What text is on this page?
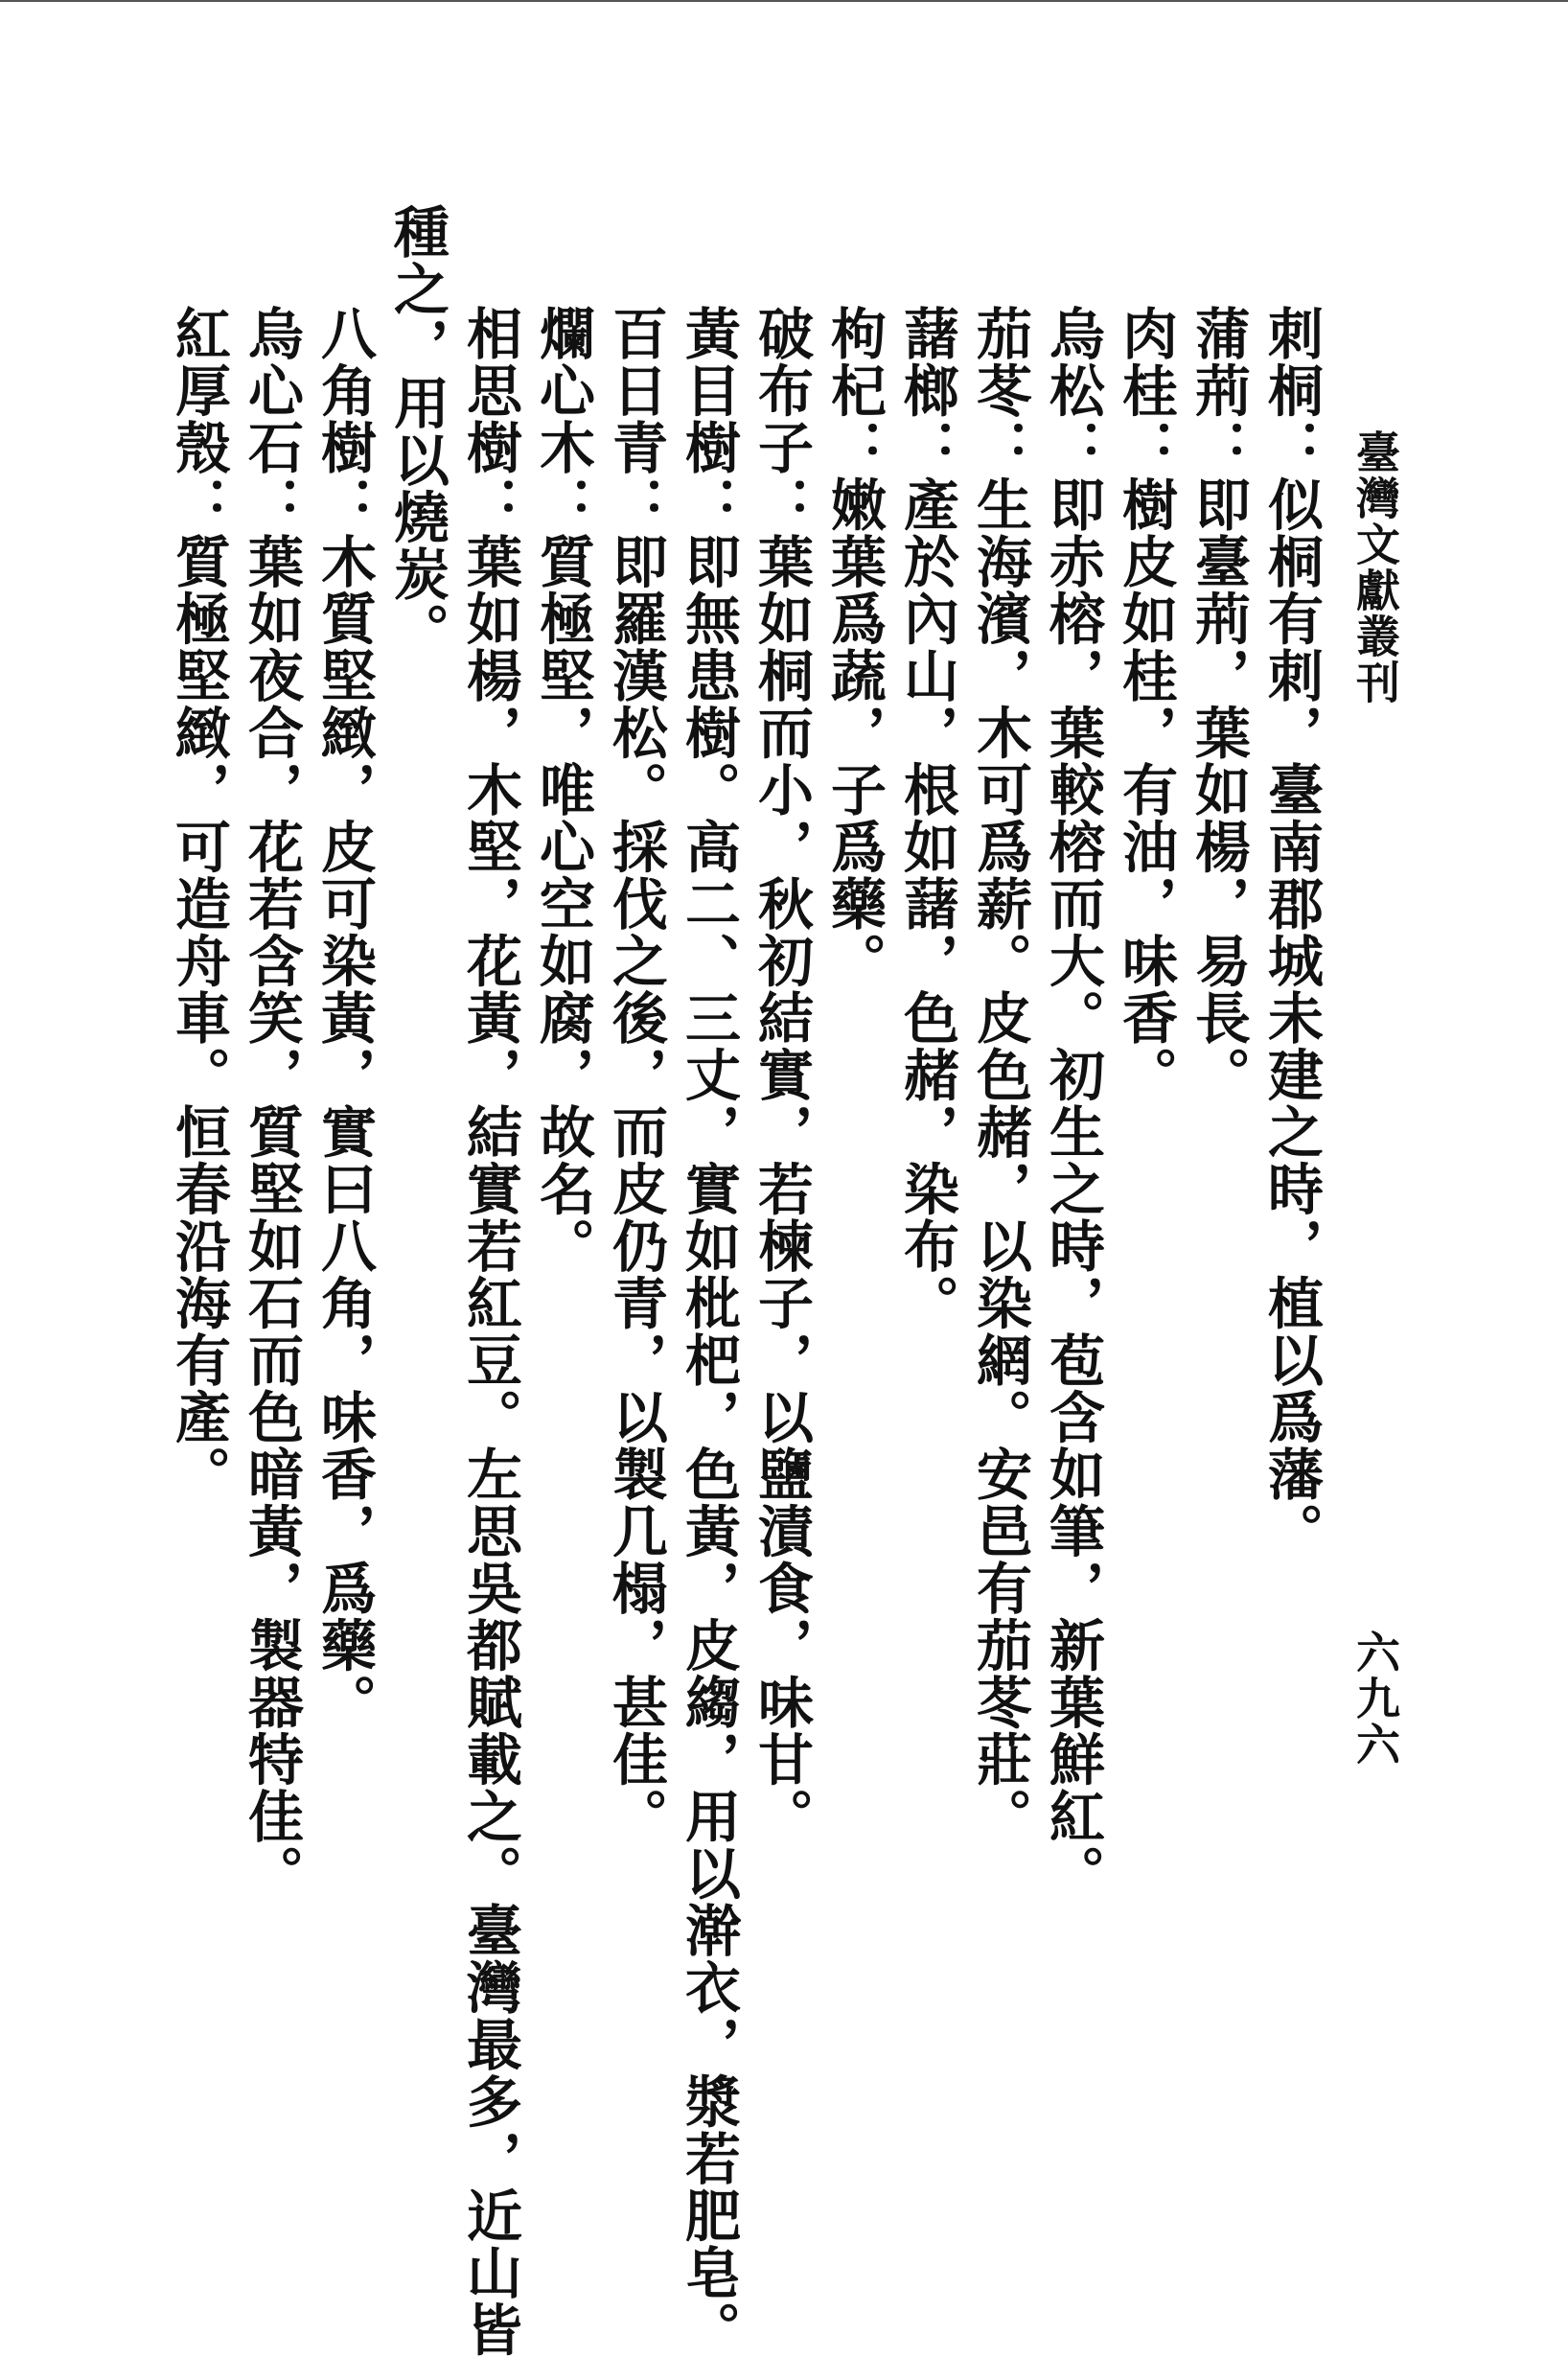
臺灣文獻叢刊
六九六
刺桐：似桐有刺，臺南郡城未建之時，植以爲藩。
蒲荊：即臺荊，葉如楊，易長。
肉桂：樹皮如桂，有油，味香。
烏松：即赤榕，葉較榕而大。初生之時，苞含如筆，新葉鮮紅。
茄苳：生海濱，木可爲薪。皮色赭，以染網。安邑有茄苳莊。
藷榔：產於內山，根如藷，色赭，染布。
枸杞：嫩葉爲蔬，子爲藥。
破布子：葉如桐而小，秋初結實，若楝子，以鹽漬食，味甘。
黃目樹：即無患樹。高二、三丈，實如枇杷，色黃，皮縐，用以澣衣，漿若肥皂。
百日青：即羅漢松。採伐之後，而皮仍青，以製几榻，甚佳。
爛心木：質極堅，唯心空如腐，故名。
相思樹：葉如楊，木堅，花黃，結實若紅豆。左思吳都賦載之。臺灣最多，近山皆
種之，用以燒炭。
八角樹：木質堅緻，皮可染黃，實曰八角，味香，爲藥。
烏心石：葉如夜合，花若含笑，質堅如石而色暗黃，製器特佳。
紅厚殼：質極堅緻，可造舟車。恒春沿海有產。
